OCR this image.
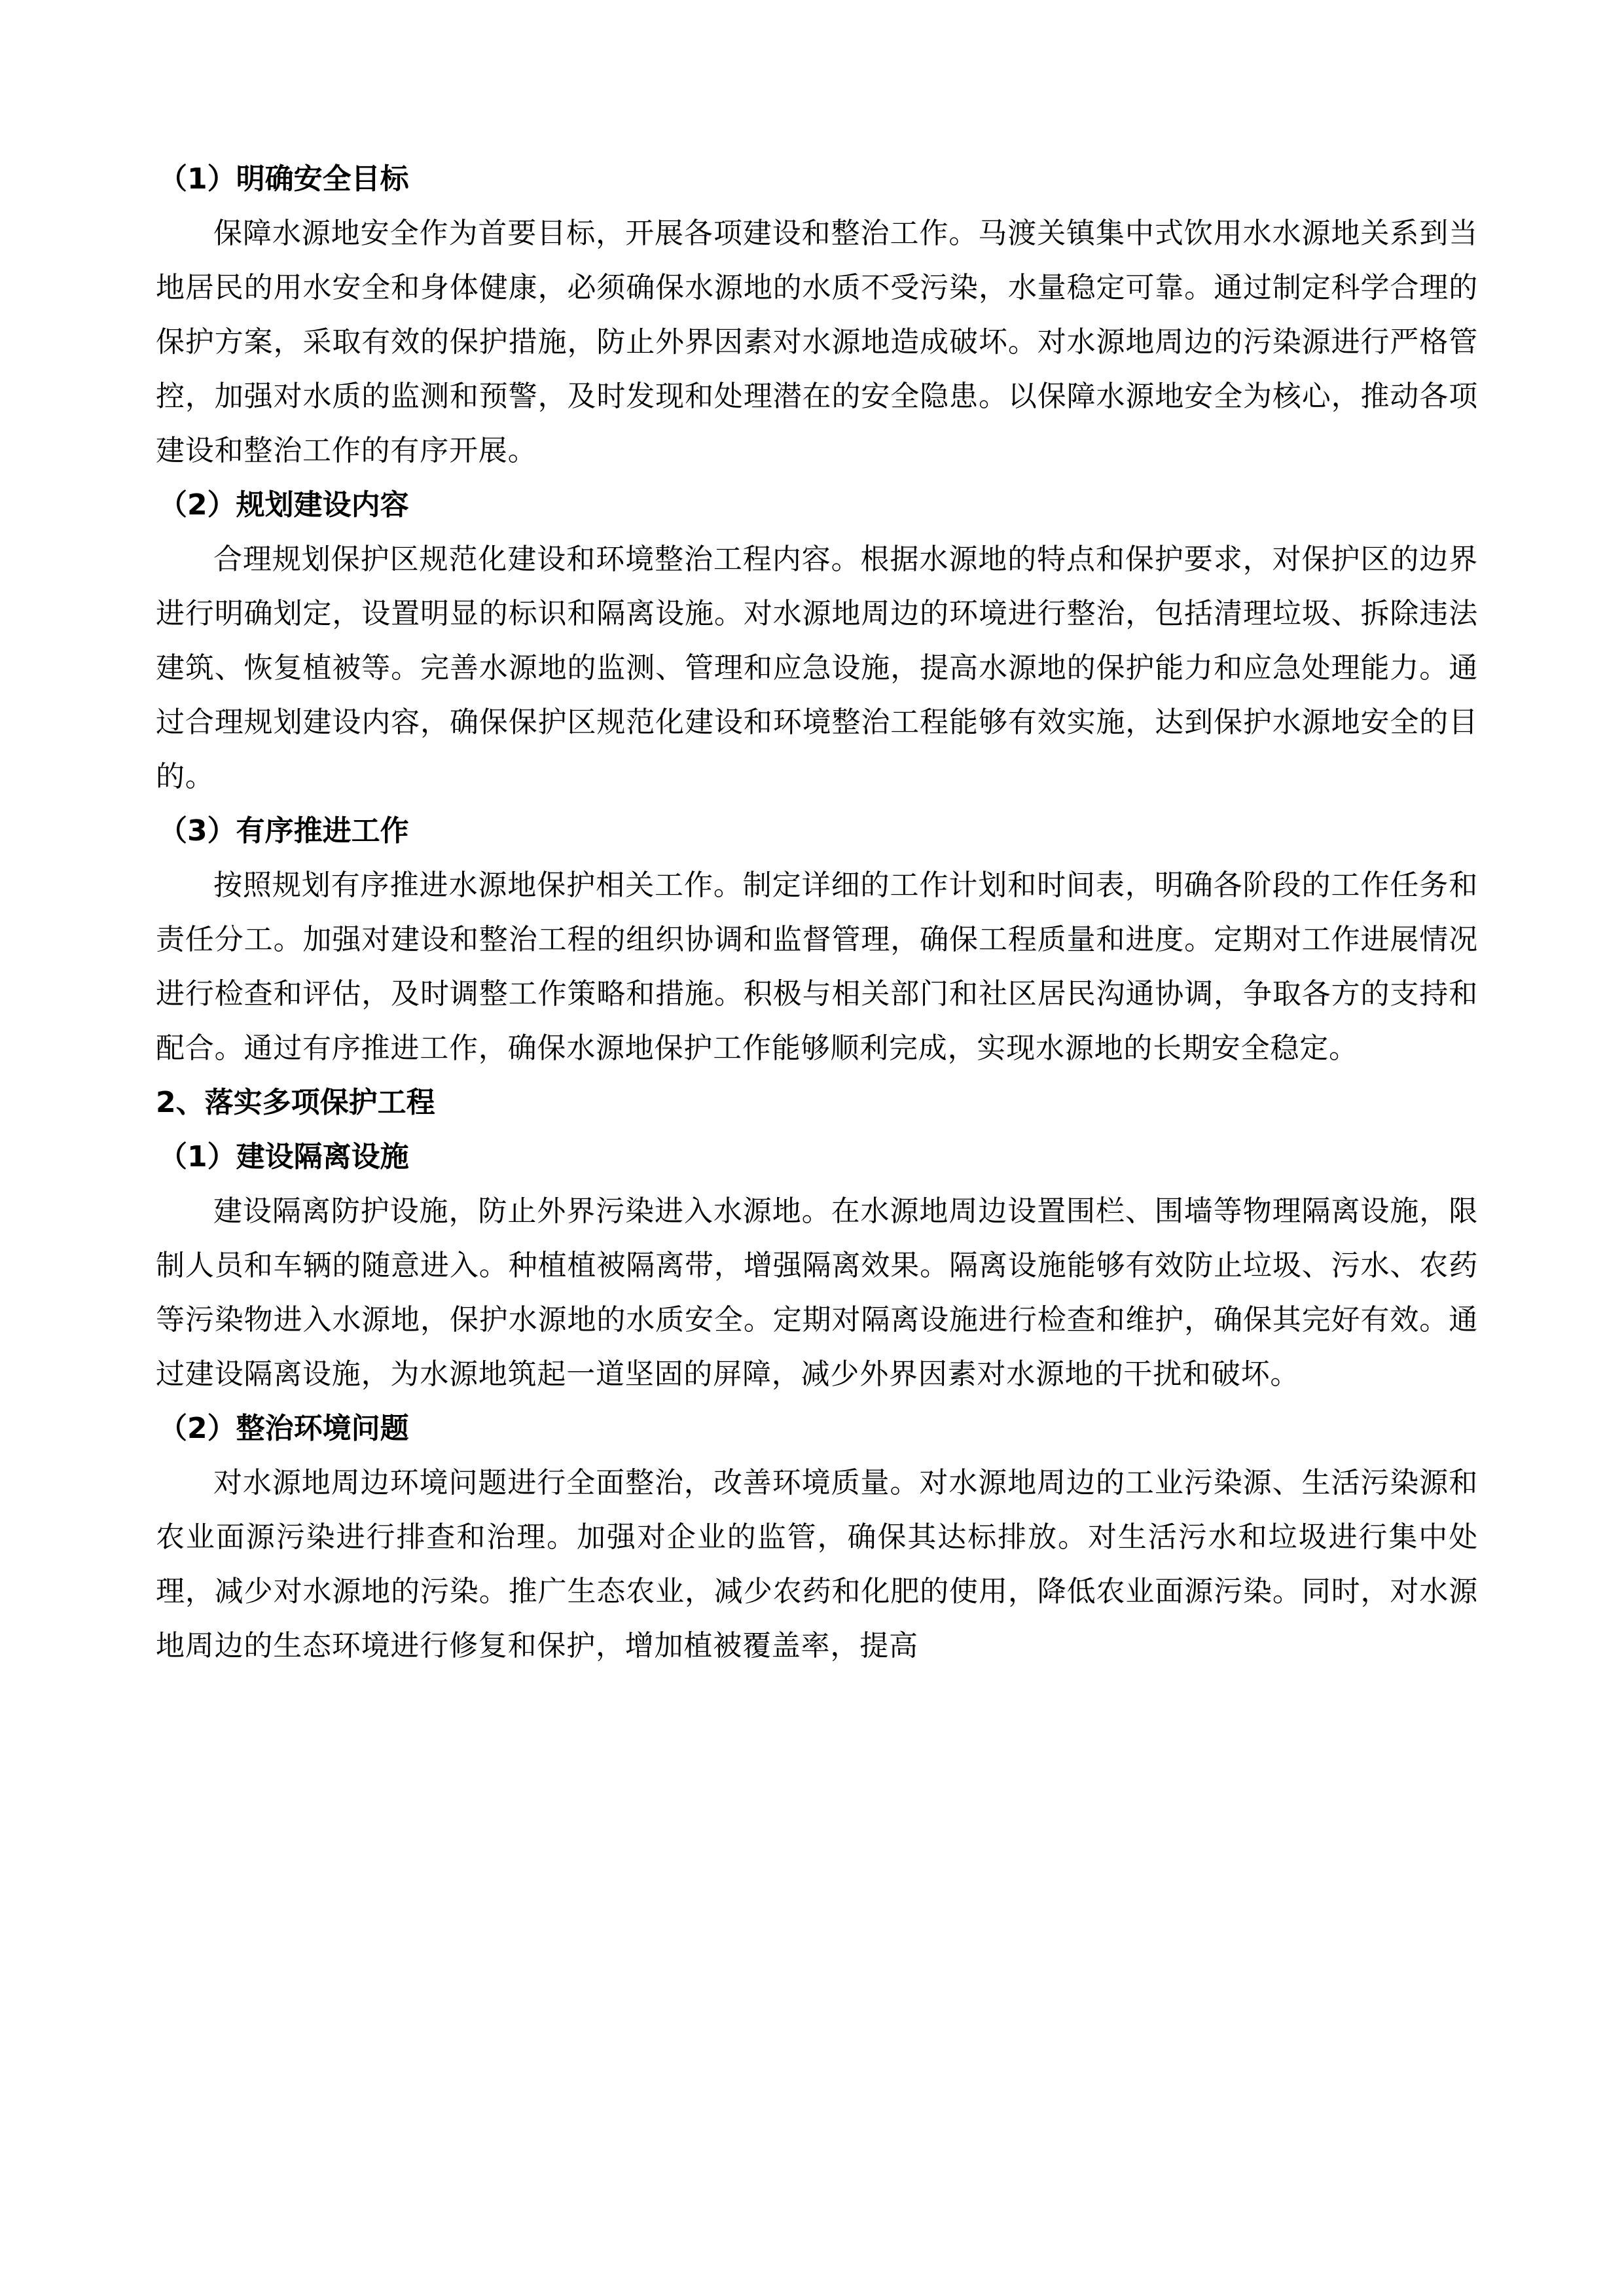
（1）明确安全目标

保障水源地安全作为首要目标，开展各项建设和整治工作。马渡关镇集中式饮用水水源地关系到当地居民的用水安全和身体健康，必须确保水源地的水质不受污染，水量稳定可靠。通过制定科学合理的保护方案，采取有效的保护措施，防止外界因素对水源地造成破坏。对水源地周边的污染源进行严格管控，加强对水质的监测和预警，及时发现和处理潜在的安全隐患。以保障水源地安全为核心，推动各项建设和整治工作的有序开展。

（2）规划建设内容

合理规划保护区规范化建设和环境整治工程内容。根据水源地的特点和保护要求，对保护区的边界进行明确划定，设置明显的标识和隔离设施。对水源地周边的环境进行整治，包括清理垃圾、拆除违法建筑、恢复植被等。完善水源地的监测、管理和应急设施，提高水源地的保护能力和应急处理能力。通过合理规划建设内容，确保保护区规范化建设和环境整治工程能够有效实施，达到保护水源地安全的目的。

（3）有序推进工作

按照规划有序推进水源地保护相关工作。制定详细的工作计划和时间表，明确各阶段的工作任务和责任分工。加强对建设和整治工程的组织协调和监督管理，确保工程质量和进度。定期对工作进展情况进行检查和评估，及时调整工作策略和措施。积极与相关部门和社区居民沟通协调，争取各方的支持和配合。通过有序推进工作，确保水源地保护工作能够顺利完成，实现水源地的长期安全稳定。

2、落实多项保护工程

（1）建设隔离设施

建设隔离防护设施，防止外界污染进入水源地。在水源地周边设置围栏、围墙等物理隔离设施，限制人员和车辆的随意进入。种植植被隔离带，增强隔离效果。隔离设施能够有效防止垃圾、污水、农药等污染物进入水源地，保护水源地的水质安全。定期对隔离设施进行检查和维护，确保其完好有效。通过建设隔离设施，为水源地筑起一道坚固的屏障，减少外界因素对水源地的干扰和破坏。

（2）整治环境问题

对水源地周边环境问题进行全面整治，改善环境质量。对水源地周边的工业污染源、生活污染源和农业面源污染进行排查和治理。加强对企业的监管，确保其达标排放。对生活污水和垃圾进行集中处理，减少对水源地的污染。推广生态农业，减少农药和化肥的使用，降低农业面源污染。同时，对水源地周边的生态环境进行修复和保护，增加植被覆盖率，提高
